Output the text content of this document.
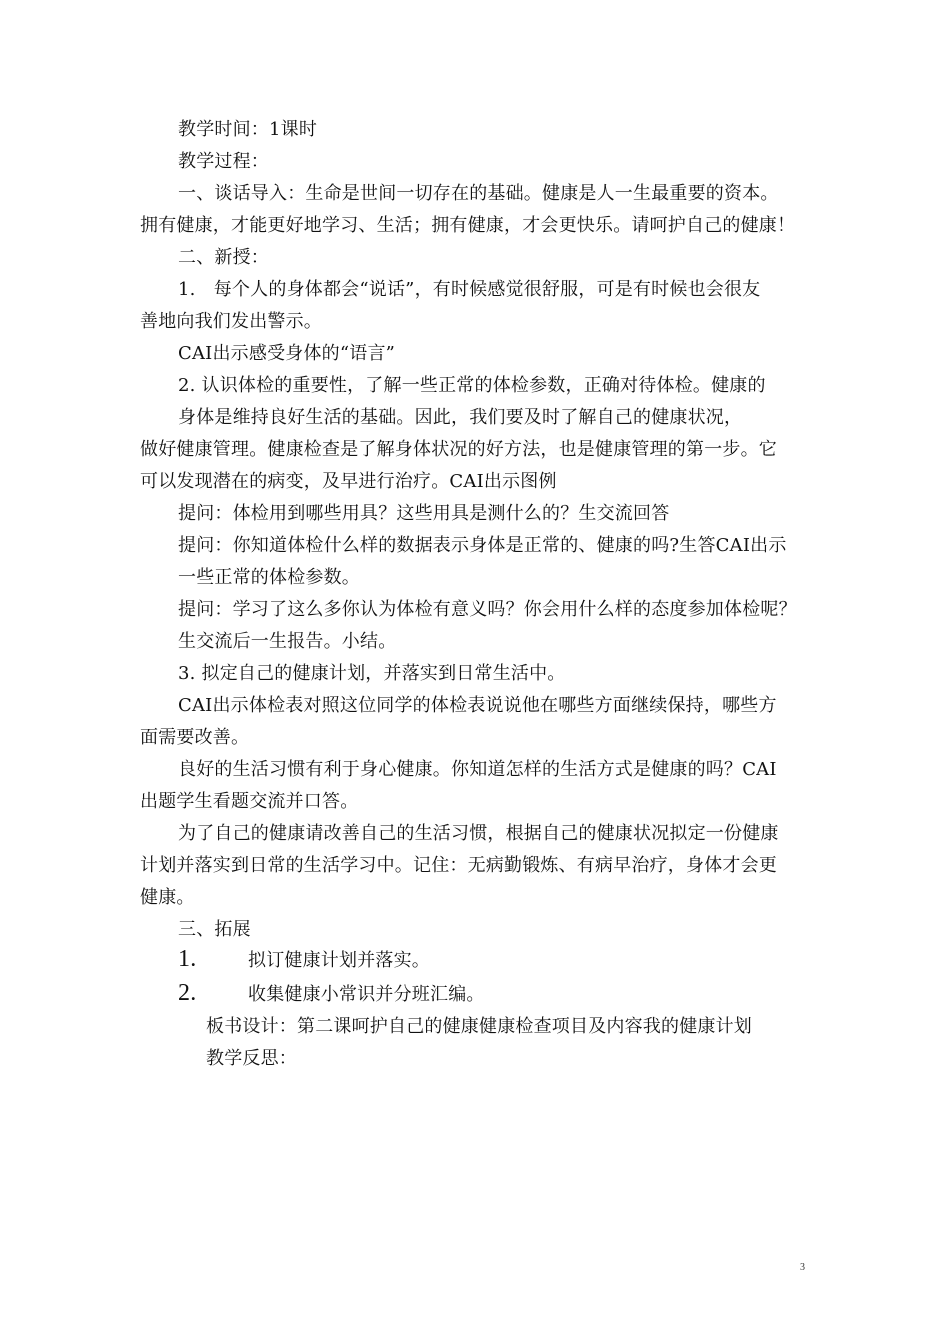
教学时间：1课时
教学过程：
一、谈话导入：生命是世间一切存在的基础。健康是人一生最重要的资本。
拥有健康，才能更好地学习、生活；拥有健康，才会更快乐。请呵护自己的健康！
二、新授：
1.　每个人的身体都会“说话”，有时候感觉很舒服，可是有时候也会很友
善地向我们发出警示。
CAI出示感受身体的“语言”
2. 认识体检的重要性，了解一些正常的体检参数，正确对待体检。健康的
身体是维持良好生活的基础。因此，我们要及时了解自己的健康状况，
做好健康管理。健康检查是了解身体状况的好方法，也是健康管理的第一步。它
可以发现潜在的病变，及早进行治疗。CAI出示图例
提问：体检用到哪些用具？这些用具是测什么的？生交流回答
提问：你知道体检什么样的数据表示身体是正常的、健康的吗?生答CAI出示
一些正常的体检参数。
提问：学习了这么多你认为体检有意义吗？你会用什么样的态度参加体检呢？
生交流后一生报告。小结。
3. 拟定自己的健康计划，并落实到日常生活中。
CAI出示体检表对照这位同学的体检表说说他在哪些方面继续保持，哪些方
面需要改善。
良好的生活习惯有利于身心健康。你知道怎样的生活方式是健康的吗？CAI
出题学生看题交流并口答。
为了自己的健康请改善自己的生活习惯，根据自己的健康状况拟定一份健康
计划并落实到日常的生活学习中。记住：无病勤锻炼、有病早治疗，身体才会更
健康。
三、拓展
1.	拟订健康计划并落实。
2.	收集健康小常识并分班汇编。
板书设计：第二课呵护自己的健康健康检查项目及内容我的健康计划
教学反思：
3
